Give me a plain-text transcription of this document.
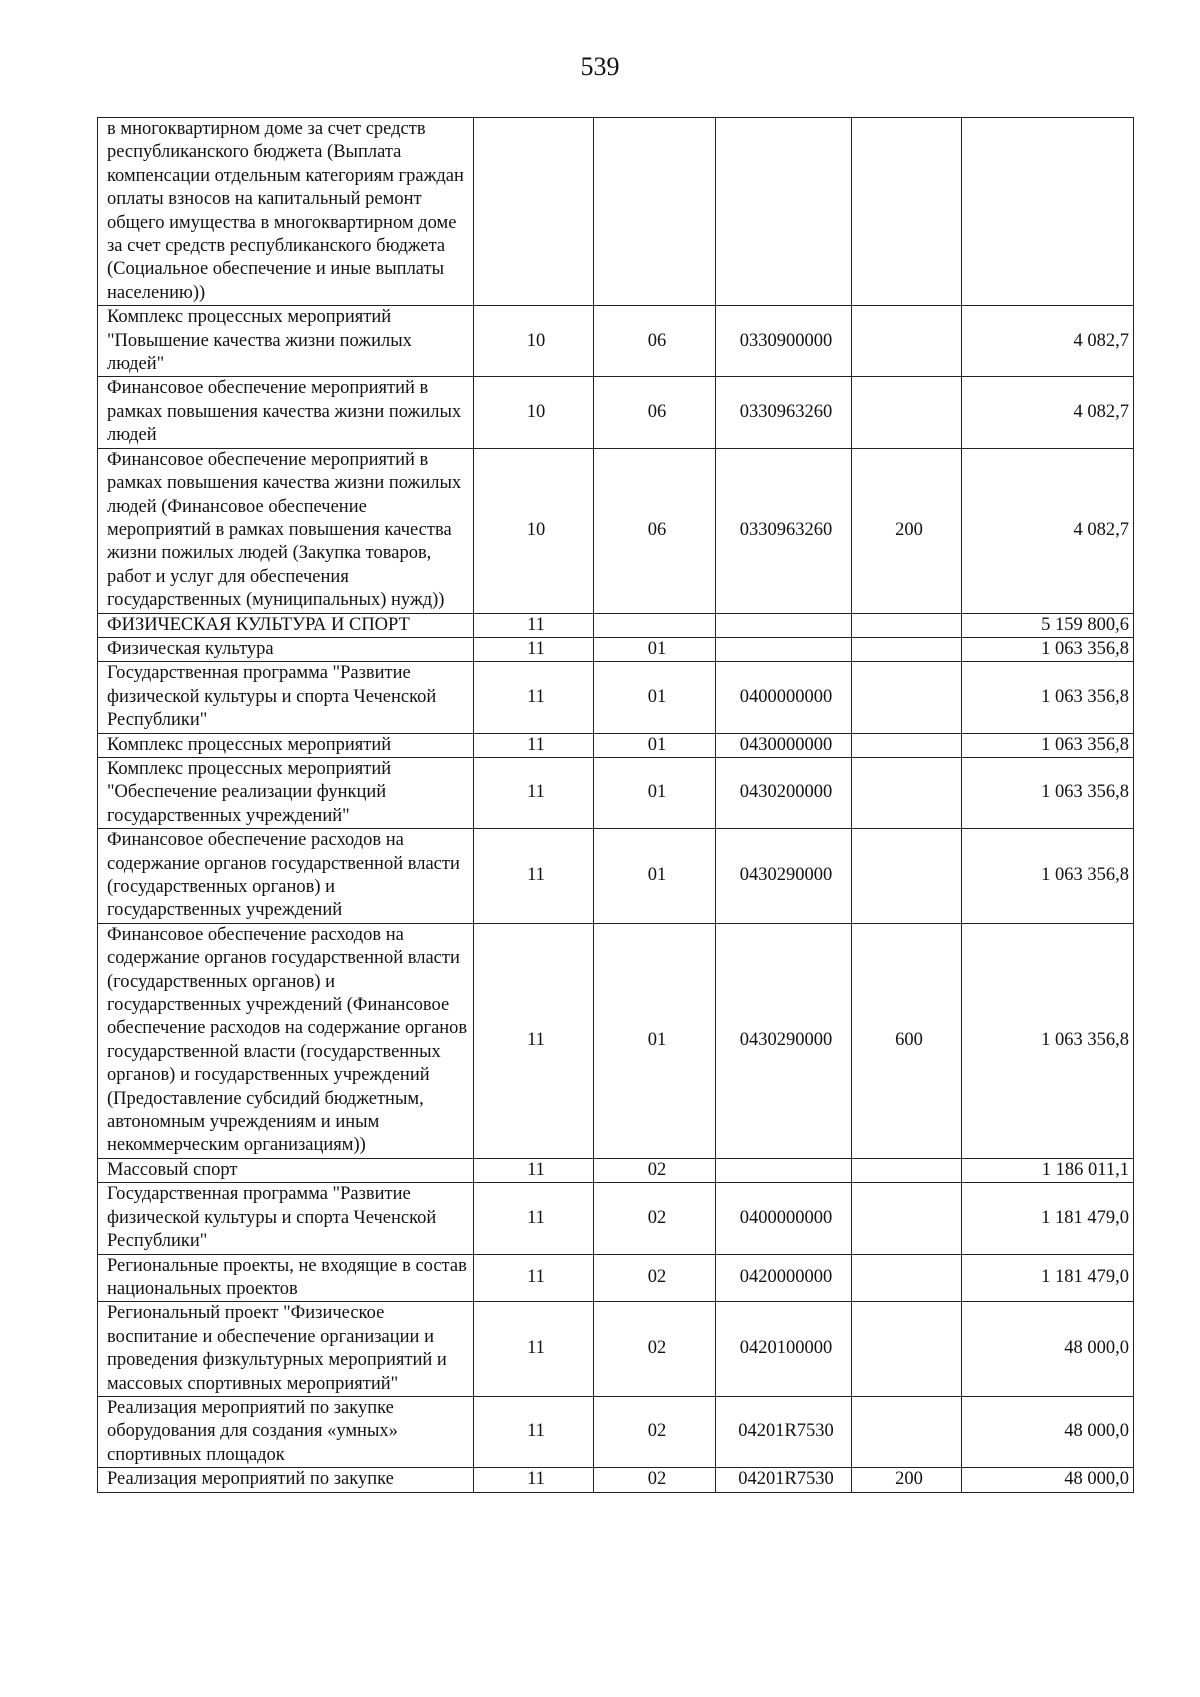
539
в многоквартирном доме за счет средств республиканского бюджета (Выплата компенсации отдельным категориям граждан оплаты взносов на капитальный ремонт общего имущества в многоквартирном доме за счет средств республиканского бюджета (Социальное обеспечение и иные выплаты населению))					
Комплекс процессных мероприятий "Повышение качества жизни пожилых людей"	10	06	0330900000		4 082,7
Финансовое обеспечение мероприятий в рамках повышения качества жизни пожилых людей	10	06	0330963260		4 082,7
Финансовое обеспечение мероприятий в рамках повышения качества жизни пожилых людей (Финансовое обеспечение мероприятий в рамках повышения качества жизни пожилых людей (Закупка товаров, работ и услуг для обеспечения государственных (муниципальных) нужд))	10	06	0330963260	200	4 082,7
ФИЗИЧЕСКАЯ КУЛЬТУРА И СПОРТ	11				5 159 800,6
Физическая культура	11	01			1 063 356,8
Государственная программа "Развитие физической культуры и спорта Чеченской Республики"	11	01	0400000000		1 063 356,8
Комплекс процессных мероприятий	11	01	0430000000		1 063 356,8
Комплекс процессных мероприятий "Обеспечение реализации функций государственных учреждений"	11	01	0430200000		1 063 356,8
Финансовое обеспечение расходов на содержание органов государственной власти (государственных органов) и государственных учреждений	11	01	0430290000		1 063 356,8
Финансовое обеспечение расходов на содержание органов государственной власти (государственных органов) и государственных учреждений (Финансовое обеспечение расходов на содержание органов государственной власти (государственных органов) и государственных учреждений (Предоставление субсидий бюджетным, автономным учреждениям и иным некоммерческим организациям))	11	01	0430290000	600	1 063 356,8
Массовый спорт	11	02			1 186 011,1
Государственная программа "Развитие физической культуры и спорта Чеченской Республики"	11	02	0400000000		1 181 479,0
Региональные проекты, не входящие в состав национальных проектов	11	02	0420000000		1 181 479,0
Региональный проект "Физическое воспитание и обеспечение организации и проведения физкультурных мероприятий и массовых спортивных мероприятий"	11	02	0420100000		48 000,0
Реализация мероприятий по закупке оборудования для создания «умных» спортивных площадок	11	02	04201R7530		48 000,0
Реализация мероприятий по закупке	11	02	04201R7530	200	48 000,0
